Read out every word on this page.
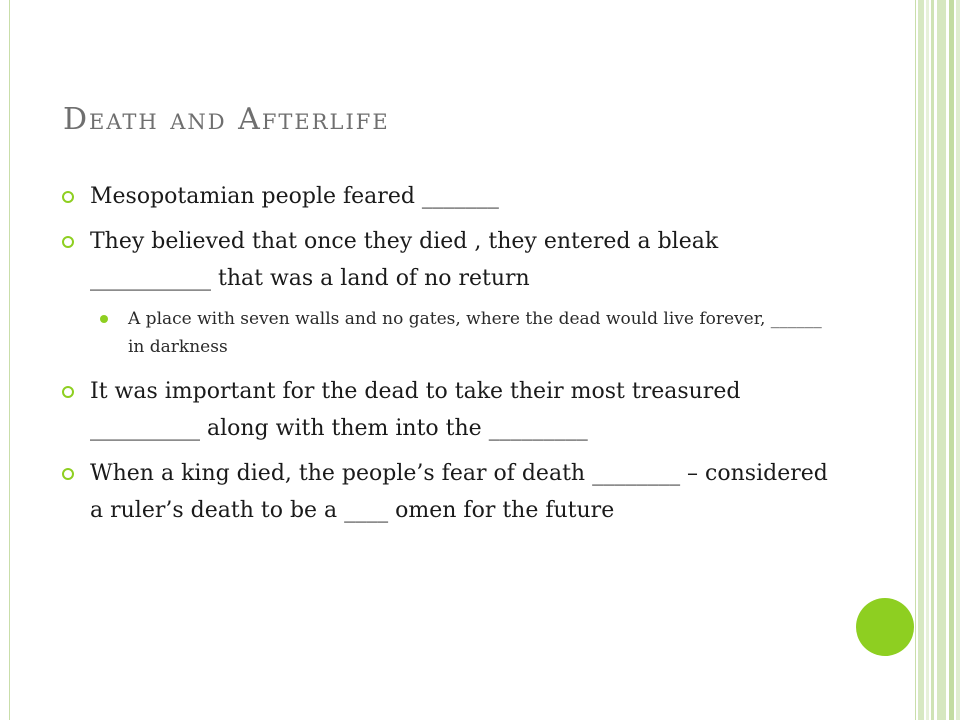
Death and Afterlife
Mesopotamian people feared _______
They believed that once they died , they entered a bleak ___________ that was a land of no return
A place with seven walls and no gates, where the dead would live forever, ______ in darkness
It was important for the dead to take their most treasured __________ along with them into the _________
When a king died, the people’s fear of death ________ – considered a ruler’s death to be a ____ omen for the future
